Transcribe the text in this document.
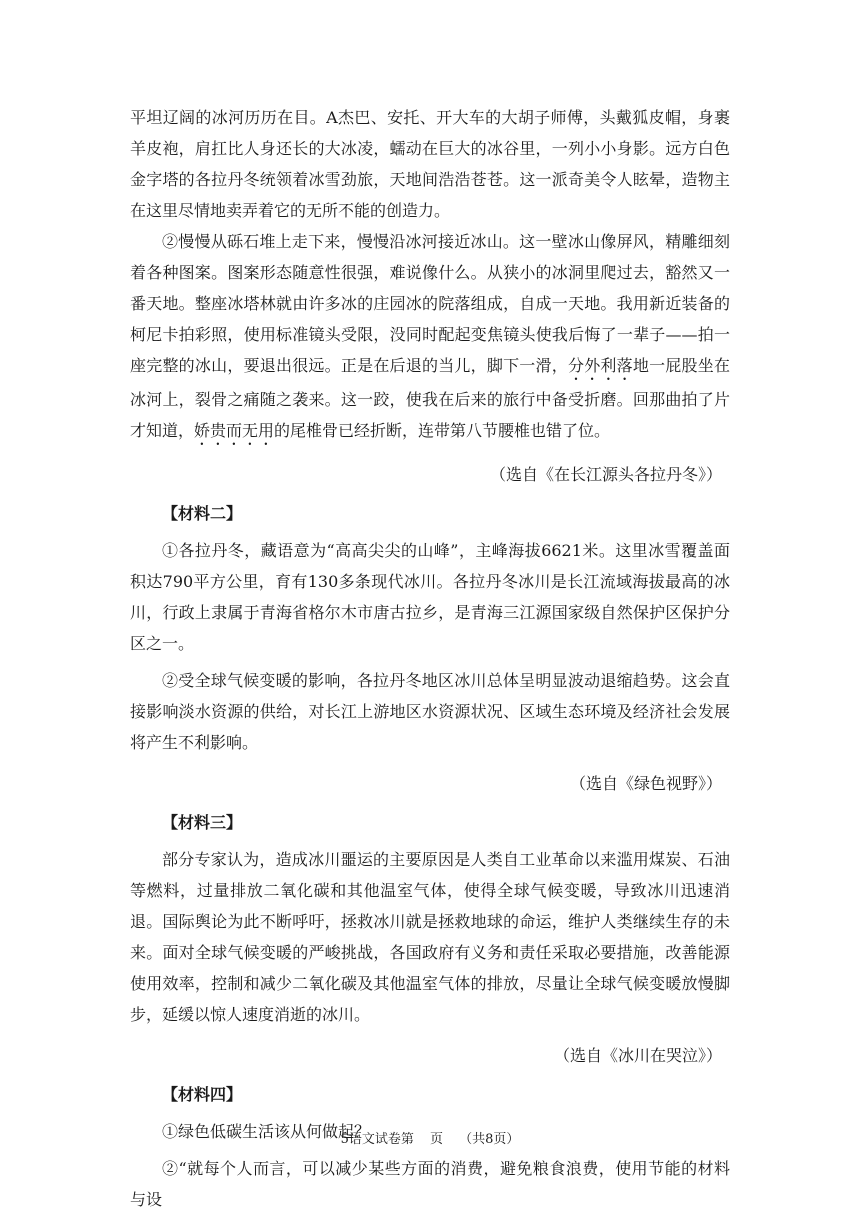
平坦辽阔的冰河历历在目。A杰巴、安托、开大车的大胡子师傅，头戴狐皮帽，身裹羊皮袍，肩扛比人身还长的大冰凌，蠕动在巨大的冰谷里，一列小小身影。远方白色金字塔的各拉丹冬统领着冰雪劲旅，天地间浩浩苍苍。这一派奇美令人眩晕，造物主在这里尽情地卖弄着它的无所不能的创造力。

②慢慢从砾石堆上走下来，慢慢沿冰河接近冰山。这一壁冰山像屏风，精雕细刻着各种图案。图案形态随意性很强，难说像什么。从狭小的冰洞里爬过去，豁然又一番天地。整座冰塔林就由许多冰的庄园冰的院落组成，自成一天地。我用新近装备的柯尼卡拍彩照，使用标准镜头受限，没同时配起变焦镜头使我后悔了一辈子——拍一座完整的冰山，要退出很远。正是在后退的当儿，脚下一滑，分外利落地一屁股坐在冰河上，裂骨之痛随之袭来。这一跤，使我在后来的旅行中备受折磨。回那曲拍了片才知道，娇贵而无用的尾椎骨已经折断，连带第八节腰椎也错了位。

（选自《在长江源头各拉丹冬》）

【材料二】

①各拉丹冬，藏语意为“高高尖尖的山峰”，主峰海拔6621米。这里冰雪覆盖面积达790平方公里，育有130多条现代冰川。各拉丹冬冰川是长江流域海拔最高的冰川，行政上隶属于青海省格尔木市唐古拉乡，是青海三江源国家级自然保护区保护分区之一。

②受全球气候变暖的影响，各拉丹冬地区冰川总体呈明显波动退缩趋势。这会直接影响淡水资源的供给，对长江上游地区水资源状况、区域生态环境及经济社会发展将产生不利影响。

（选自《绿色视野》）

【材料三】

部分专家认为，造成冰川噩运的主要原因是人类自工业革命以来滥用煤炭、石油等燃料，过量排放二氧化碳和其他温室气体，使得全球气候变暖，导致冰川迅速消退。国际舆论为此不断呼吁，拯救冰川就是拯救地球的命运，维护人类继续生存的未来。面对全球气候变暖的严峻挑战，各国政府有义务和责任采取必要措施，改善能源使用效率，控制和减少二氧化碳及其他温室气体的排放，尽量让全球气候变暖放慢脚步，延缓以惊人速度消逝的冰川。

（选自《冰川在哭泣》）

【材料四】

①绿色低碳生活该从何做起？

②“就每个人而言，可以减少某些方面的消费，避免粮食浪费，使用节能的材料与设

5语文试卷第 页 （共8页）
